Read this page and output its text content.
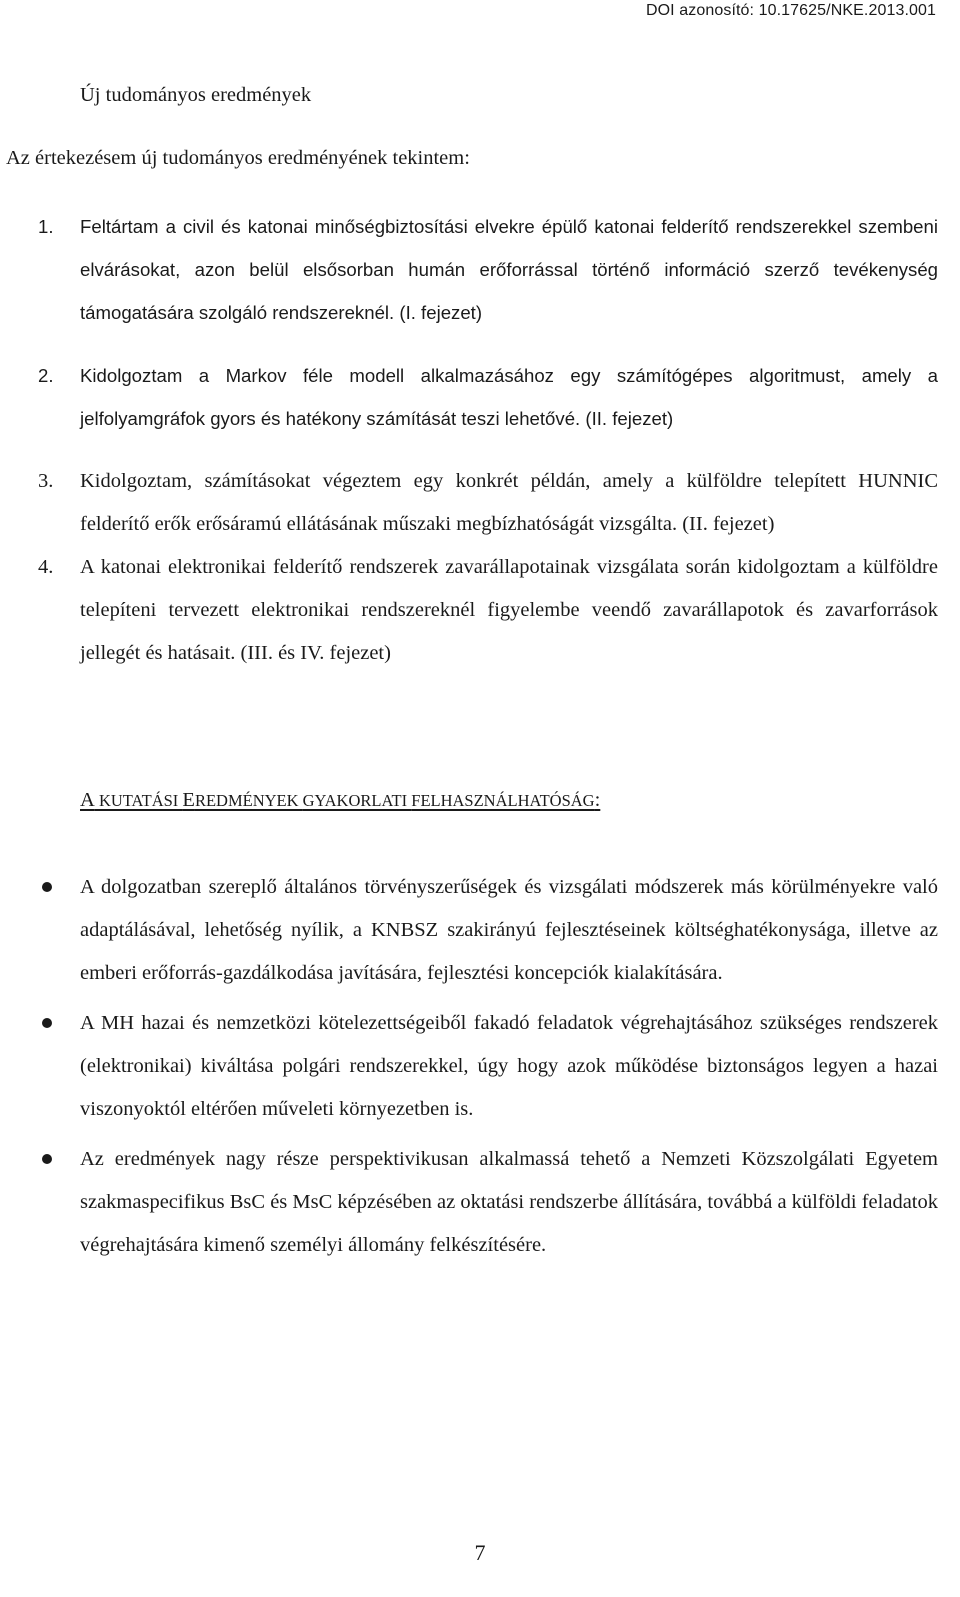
DOI azonosító: 10.17625/NKE.2013.001
Új tudományos eredmények
Az értekezésem új tudományos eredményének tekintem:
1. Feltártam a civil és katonai minőségbiztosítási elvekre épülő katonai felderítő rendszerekkel szembeni elvárásokat, azon belül elsősorban humán erőforrással történő információ szerző tevékenység támogatására szolgáló rendszereknél. (I. fejezet)
2. Kidolgoztam a Markov féle modell alkalmazásához egy számítógépes algoritmust, amely a jelfolyamgráfok gyors és hatékony számítását teszi lehetővé. (II. fejezet)
3. Kidolgoztam, számításokat végeztem egy konkrét példán, amely a külföldre telepített HUNNIC felderítő erők erősáramú ellátásának műszaki megbízhatóságát vizsgálta. (II. fejezet)
4. A katonai elektronikai felderítő rendszerek zavarállapotainak vizsgálata során kidolgoztam a külföldre telepíteni tervezett elektronikai rendszereknél figyelembe veendő zavarállapotok és zavarforrások jellegét és hatásait. (III. és IV. fejezet)
A KUTATÁSI EREDMÉNYEK GYAKORLATI FELHASZNÁLHATÓSÁG:
A dolgozatban szereplő általános törvényszerűségek és vizsgálati módszerek más körülményekre való adaptálásával, lehetőség nyílik, a KNBSZ szakirányú fejlesztéseinek költséghatékonysága, illetve az emberi erőforrás-gazdálkodása javítására, fejlesztési koncepciók kialakítására.
A MH hazai és nemzetközi kötelezettségeiből fakadó feladatok végrehajtásához szükséges rendszerek (elektronikai) kiváltása polgári rendszerekkel, úgy hogy azok működése biztonságos legyen a hazai viszonyoktól eltérően műveleti környezetben is.
Az eredmények nagy része perspektivikusan alkalmassá tehető a Nemzeti Közszolgálati Egyetem szakmaspecifikus BsC és MsC képzésében az oktatási rendszerbe állítására, továbbá a külföldi feladatok végrehajtására kimenő személyi állomány felkészítésére.
7
